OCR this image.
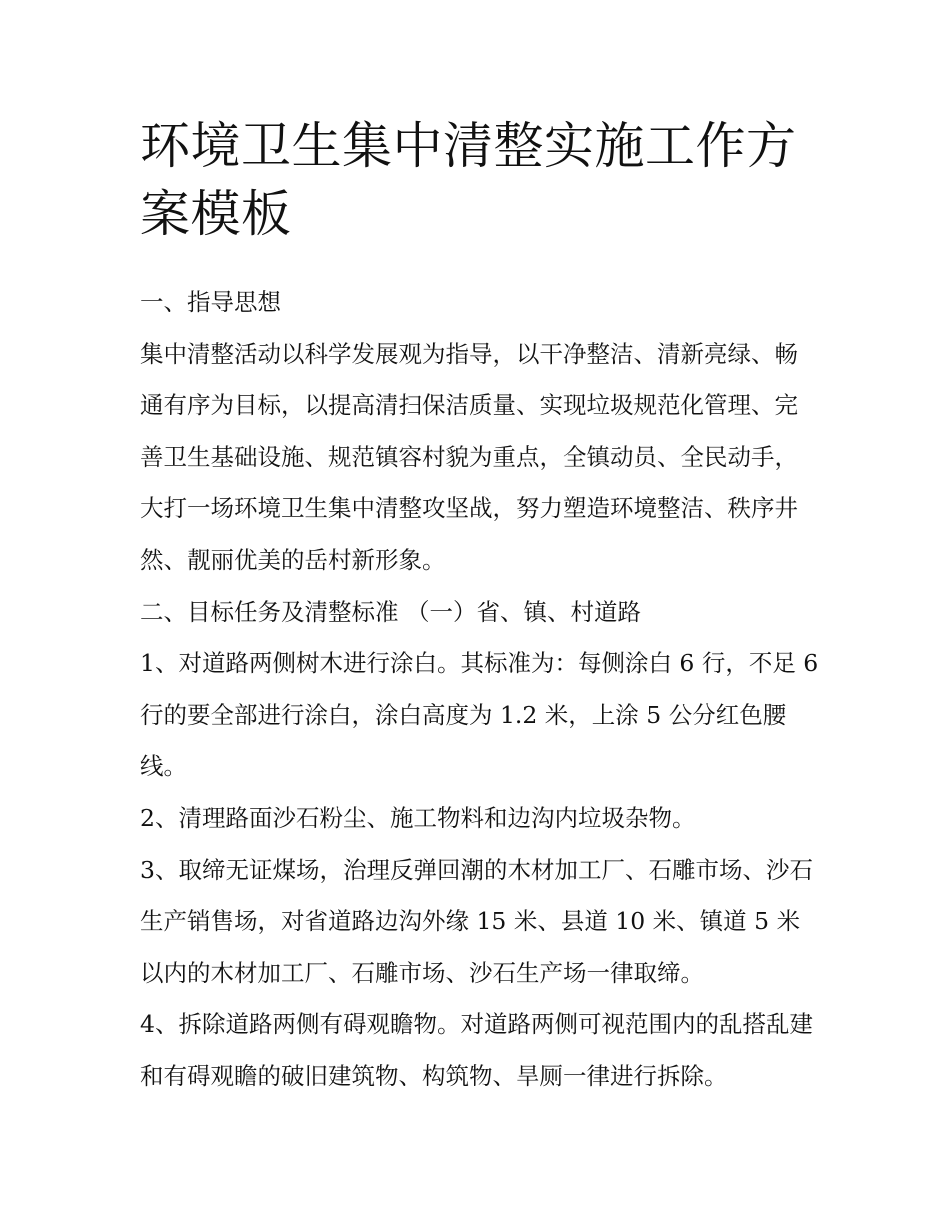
环境卫生集中清整实施工作方案模板

一、指导思想

集中清整活动以科学发展观为指导，以干净整洁、清新亮绿、畅通有序为目标，以提高清扫保洁质量、实现垃圾规范化管理、完善卫生基础设施、规范镇容村貌为重点，全镇动员、全民动手，大打一场环境卫生集中清整攻坚战，努力塑造环境整洁、秩序井然、靓丽优美的岳村新形象。

二、目标任务及清整标准 （一）省、镇、村道路

1、对道路两侧树木进行涂白。其标准为：每侧涂白 6 行，不足 6 行的要全部进行涂白，涂白高度为 1.2 米，上涂 5 公分红色腰线。

2、清理路面沙石粉尘、施工物料和边沟内垃圾杂物。

3、取缔无证煤场，治理反弹回潮的木材加工厂、石雕市场、沙石生产销售场，对省道路边沟外缘 15 米、县道 10 米、镇道 5 米以内的木材加工厂、石雕市场、沙石生产场一律取缔。

4、拆除道路两侧有碍观瞻物。对道路两侧可视范围内的乱搭乱建和有碍观瞻的破旧建筑物、构筑物、旱厕一律进行拆除。
